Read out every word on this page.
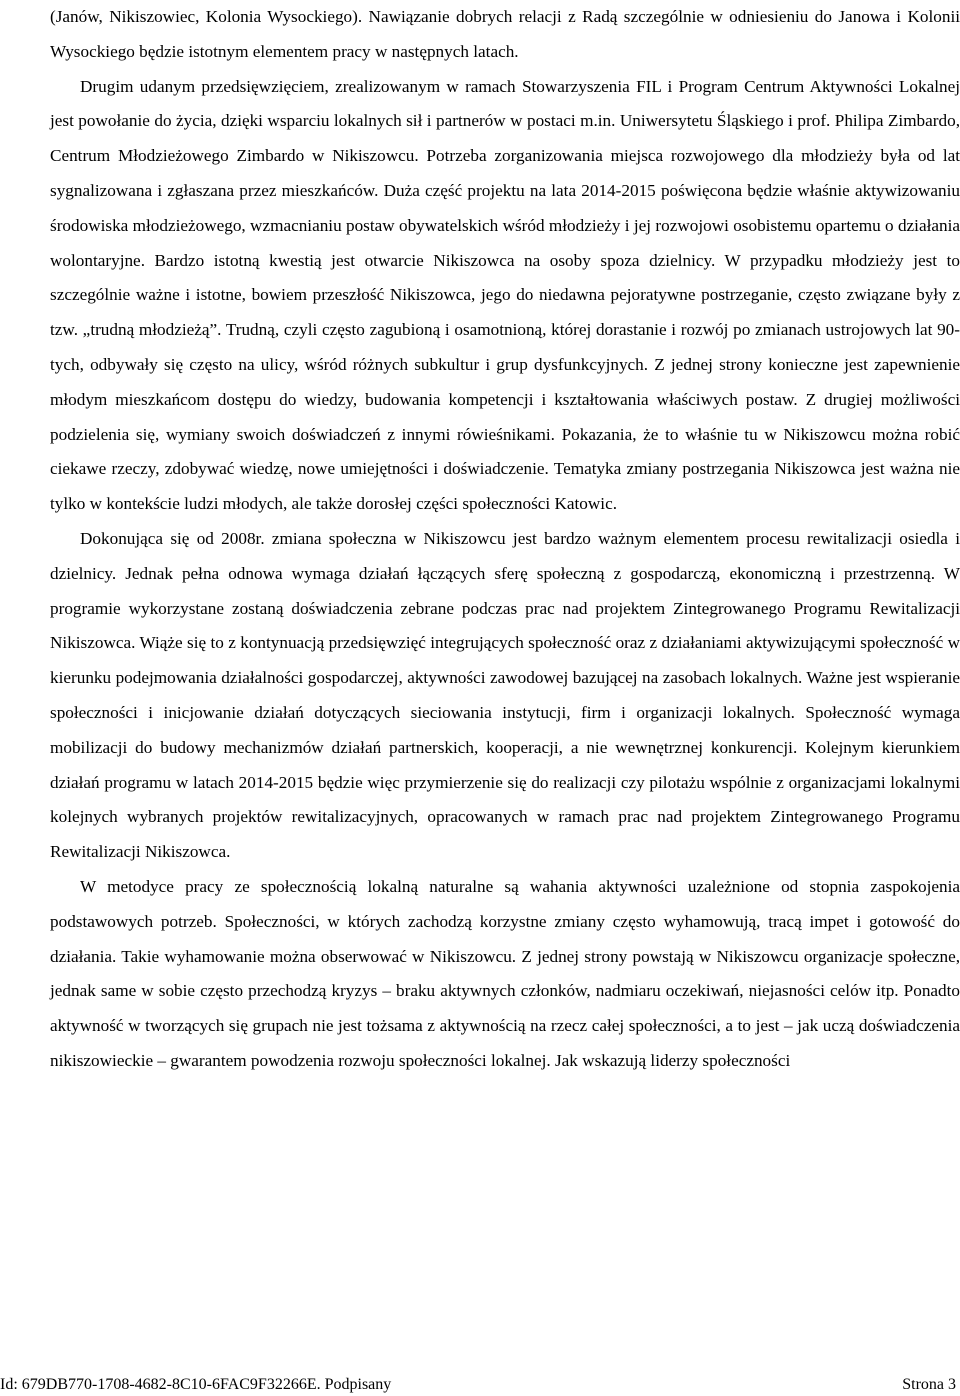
(Janów, Nikiszowiec, Kolonia Wysockiego). Nawiązanie dobrych relacji z Radą szczególnie w odniesieniu do Janowa i Kolonii Wysockiego będzie istotnym elementem pracy w następnych latach.

Drugim udanym przedsięwzięciem, zrealizowanym w ramach Stowarzyszenia FIL i Program Centrum Aktywności Lokalnej jest powołanie do życia, dzięki wsparciu lokalnych sił i partnerów w postaci m.in. Uniwersytetu Śląskiego i prof. Philipa Zimbardo, Centrum Młodzieżowego Zimbardo w Nikiszowcu. Potrzeba zorganizowania miejsca rozwojowego dla młodzieży była od lat sygnalizowana i zgłaszana przez mieszkańców. Duża część projektu na lata 2014-2015 poświęcona będzie właśnie aktywizowaniu środowiska młodzieżowego, wzmacnianiu postaw obywatelskich wśród młodzieży i jej rozwojowi osobistemu opartemu o działania wolontaryjne. Bardzo istotną kwestią jest otwarcie Nikiszowca na osoby spoza dzielnicy. W przypadku młodzieży jest to szczególnie ważne i istotne, bowiem przeszłość Nikiszowca, jego do niedawna pejoratywne postrzeganie, często związane były z tzw. „trudną młodzieżą”. Trudną, czyli często zagubioną i osamotnioną, której dorastanie i rozwój po zmianach ustrojowych lat 90-tych, odbywały się często na ulicy, wśród różnych subkultur i grup dysfunkcyjnych. Z jednej strony konieczne jest zapewnienie młodym mieszkańcom dostępu do wiedzy, budowania kompetencji i kształtowania właściwych postaw. Z drugiej możliwości podzielenia się, wymiany swoich doświadczeń z innymi rówieśnikami. Pokazania, że to właśnie tu w Nikiszowcu można robić ciekawe rzeczy, zdobywać wiedzę, nowe umiejętności i doświadczenie. Tematyka zmiany postrzegania Nikiszowca jest ważna nie tylko w kontekście ludzi młodych, ale także dorosłej części społeczności Katowic.

Dokonująca się od 2008r. zmiana społeczna w Nikiszowcu jest bardzo ważnym elementem procesu rewitalizacji osiedla i dzielnicy. Jednak pełna odnowa wymaga działań łączących sferę społeczną z gospodarczą, ekonomiczną i przestrzenną. W programie wykorzystane zostaną doświadczenia zebrane podczas prac nad projektem Zintegrowanego Programu Rewitalizacji Nikiszowca. Wiąże się to z kontynuacją przedsięwzięć integrujących społeczność oraz z działaniami aktywizującymi społeczność w kierunku podejmowania działalności gospodarczej, aktywności zawodowej bazującej na zasobach lokalnych. Ważne jest wspieranie społeczności i inicjowanie działań dotyczących sieciowania instytucji, firm i organizacji lokalnych. Społeczność wymaga mobilizacji do budowy mechanizmów działań partnerskich, kooperacji, a nie wewnętrznej konkurencji. Kolejnym kierunkiem działań programu w latach 2014-2015 będzie więc przymierzenie się do realizacji czy pilotażu wspólnie z organizacjami lokalnymi kolejnych wybranych projektów rewitalizacyjnych, opracowanych w ramach prac nad projektem Zintegrowanego Programu Rewitalizacji Nikiszowca.

W metodyce pracy ze społecznością lokalną naturalne są wahania aktywności uzależnione od stopnia zaspokojenia podstawowych potrzeb. Społeczności, w których zachodzą korzystne zmiany często wyhamowują, tracą impet i gotowość do działania. Takie wyhamowanie można obserwować w Nikiszowcu. Z jednej strony powstają w Nikiszowcu organizacje społeczne, jednak same w sobie często przechodzą kryzys – braku aktywnych członków, nadmiaru oczekiwań, niejasności celów itp. Ponadto aktywność w tworzących się grupach nie jest tożsama z aktywnością na rzecz całej społeczności, a to jest – jak uczą doświadczenia nikiszowieckie – gwarantem powodzenia rozwoju społeczności lokalnej. Jak wskazują liderzy społeczności

Id: 679DB770-1708-4682-8C10-6FAC9F32266E. Podpisany	Strona 3
